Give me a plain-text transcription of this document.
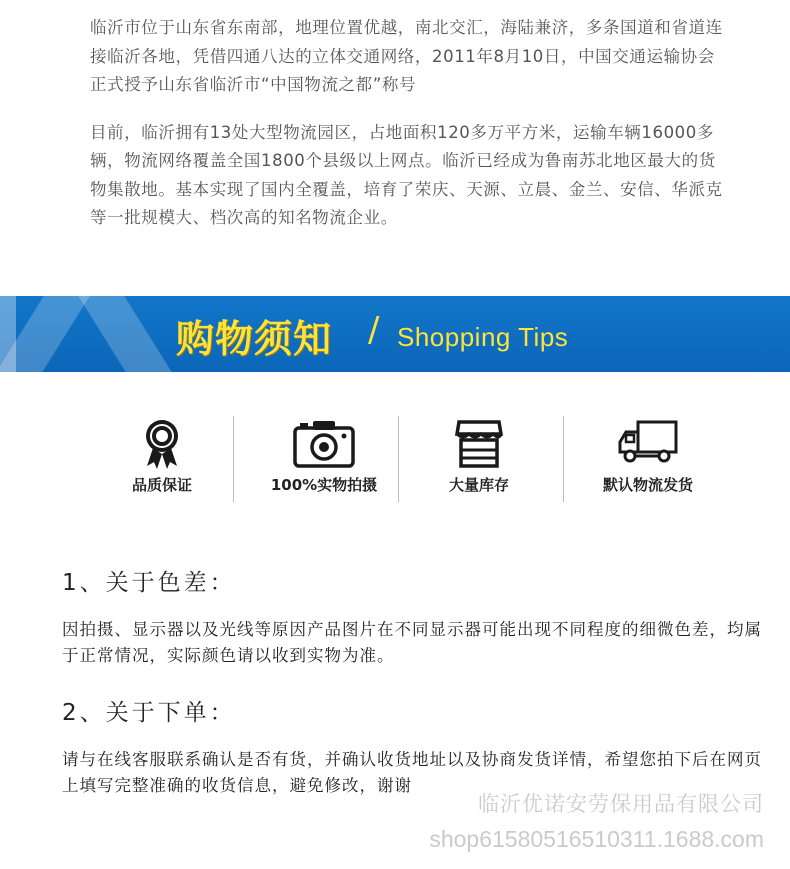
临沂市位于山东省东南部，地理位置优越，南北交汇，海陆兼济，多条国道和省道连接临沂各地，凭借四通八达的立体交通网络，2011年8月10日，中国交通运输协会正式授予山东省临沂市“中国物流之都”称号

目前，临沂拥有13处大型物流园区，占地面积120多万平方米，运输车辆16000多辆，物流网络覆盖全国1800个县级以上网点。临沂已经成为鲁南苏北地区最大的货物集散地。基本实现了国内全覆盖，培育了荣庆、天源、立晨、金兰、安信、华派克等一批规模大、档次高的知名物流企业。

购物须知 / Shopping Tips
品质保证	100%实物拍摄	大量库存	默认物流发货
1、关于色差：

因拍摄、显示器以及光线等原因产品图片在不同显示器可能出现不同程度的细微色差，均属于正常情况，实际颜色请以收到实物为准。

2、关于下单：

请与在线客服联系确认是否有货，并确认收货地址以及协商发货详情，希望您拍下后在网页上填写完整准确的收货信息，避免修改，谢谢

临沂优诺安劳保用品有限公司
shop61580516510311.1688.com
